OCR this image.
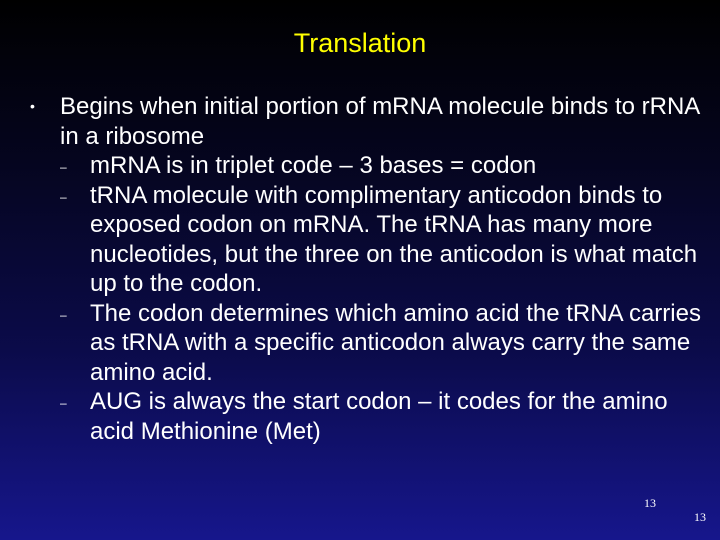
Translation
• Begins when initial portion of mRNA molecule binds to rRNA in a ribosome
– mRNA is in triplet code – 3 bases = codon
– tRNA molecule with complimentary anticodon binds to exposed codon on mRNA. The tRNA has many more nucleotides, but the three on the anticodon is what match up to the codon.
– The codon determines which amino acid the tRNA carries as tRNA with a specific anticodon always carry the same amino acid.
– AUG is always the start codon – it codes for the amino acid Methionine (Met)
13
13
